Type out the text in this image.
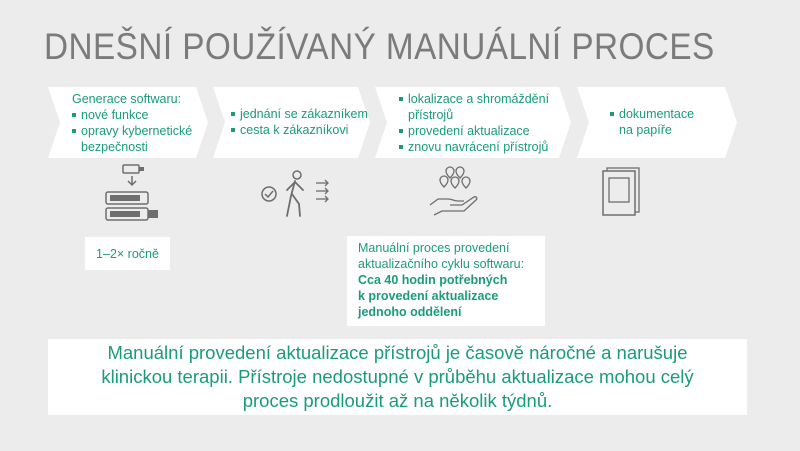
DNEŠNÍ POUŽÍVANÝ MANUÁLNÍ PROCES
Generace softwaru:
nové funkce
opravy kybernetické
bezpečnosti
jednání se zákazníkem
cesta k zákazníkovi
lokalizace a shromáždění
přístrojů
provedení aktualizace
znovu navrácení přístrojů
dokumentace
na papíře
1–2× ročně	Manuální proces provedení
aktualizačního cyklu softwaru:
Cca 40 hodin potřebných
k provedení aktualizace
jednoho oddělení
Manuální provedení aktualizace přístrojů je časově náročné a narušuje klinickou terapii. Přístroje nedostupné v průběhu aktualizace mohou celý proces prodloužit až na několik týdnů.
